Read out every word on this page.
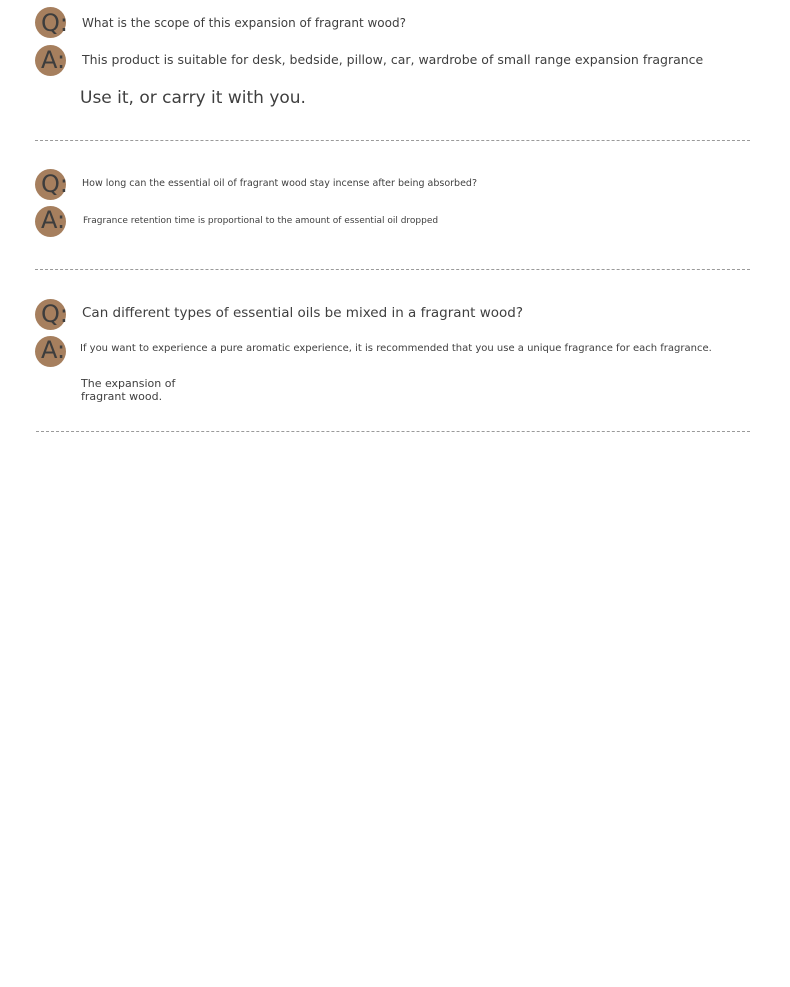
Q: What is the scope of this expansion of fragrant wood?
A: This product is suitable for desk, bedside, pillow, car, wardrobe of small range expansion fragrance
Use it, or carry it with you.
Q: How long can the essential oil of fragrant wood stay incense after being absorbed?
A: Fragrance retention time is proportional to the amount of essential oil dropped
Q: Can different types of essential oils be mixed in a fragrant wood?
A: If you want to experience a pure aromatic experience, it is recommended that you use a unique fragrance for each fragrance.
The expansion of
fragrant wood.
